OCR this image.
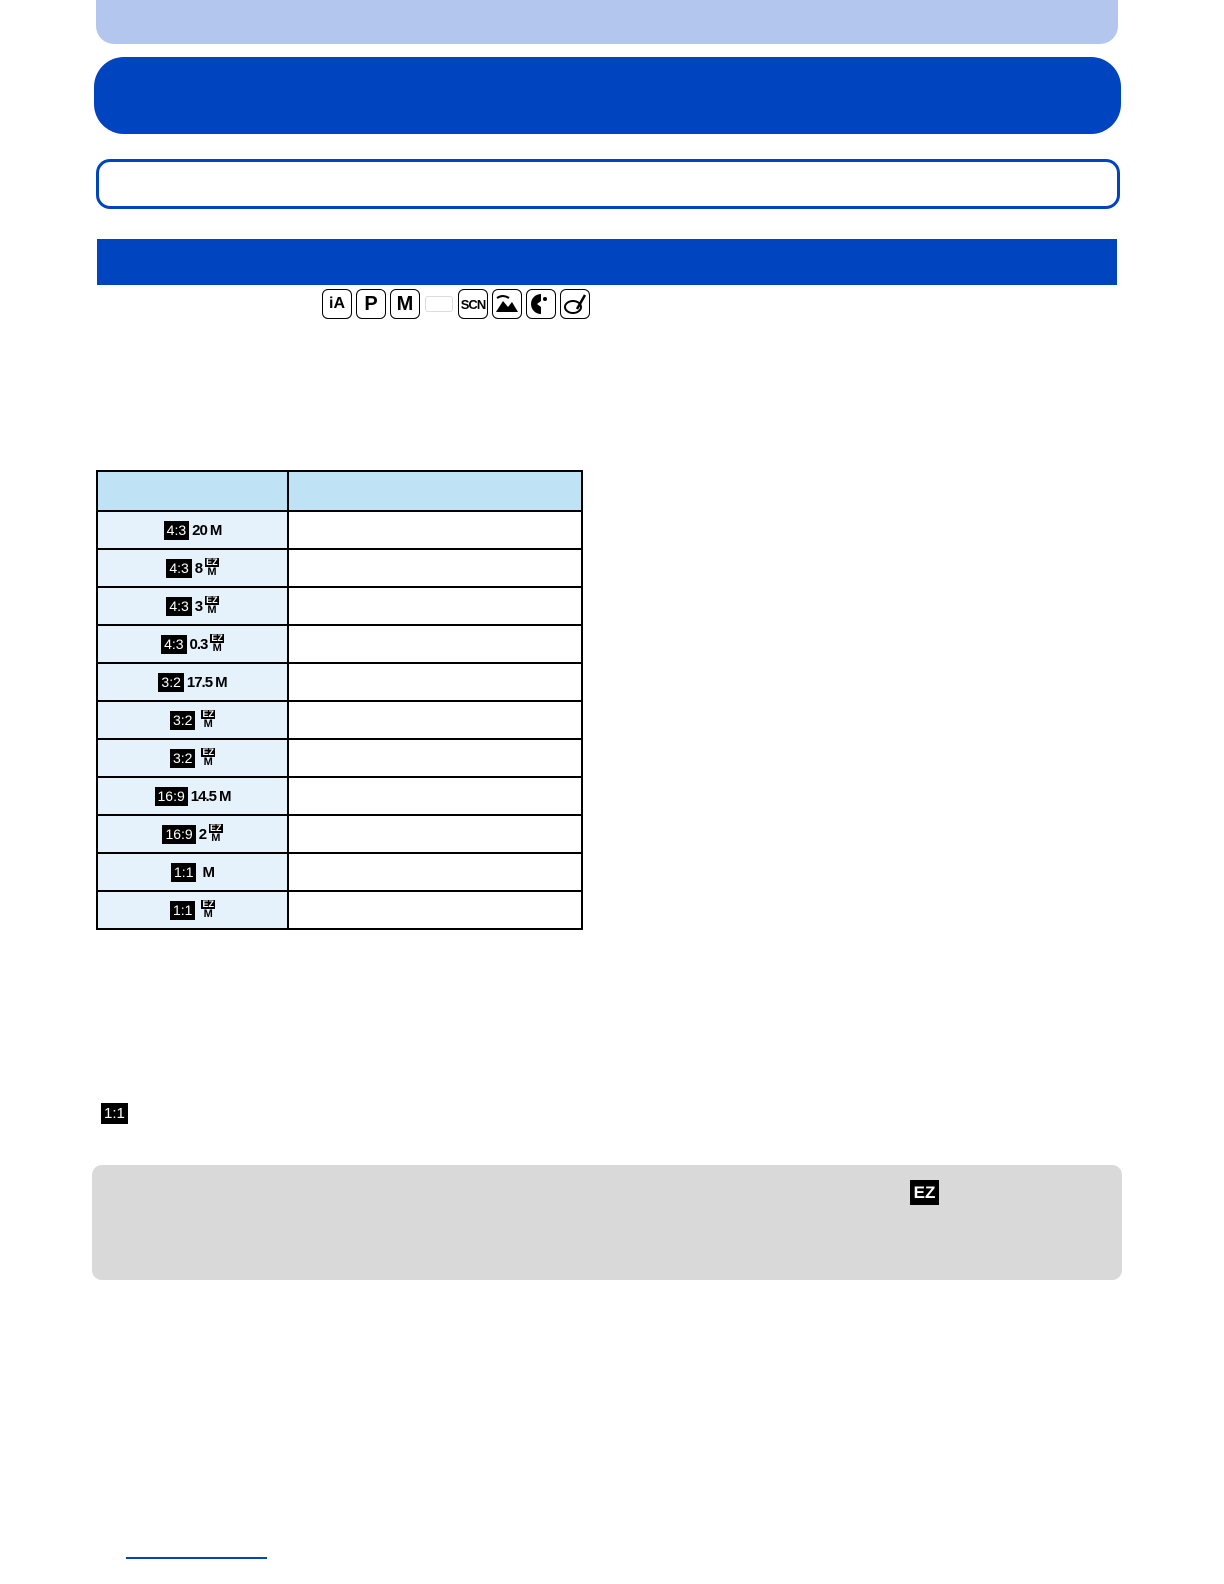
iA P M	SCN

4:3 20 M	

4:3 8 EZ
M	

4:3 3 EZ
M	

4:3 0.3 EZ
M	

3:2 17.5 M	

3:2 EZ
M	

3:2 EZ
M	

16:9 14.5 M	

16:9 2 EZ
M	

1:1 M	

1:1 EZ
M	

1:1
EZ
